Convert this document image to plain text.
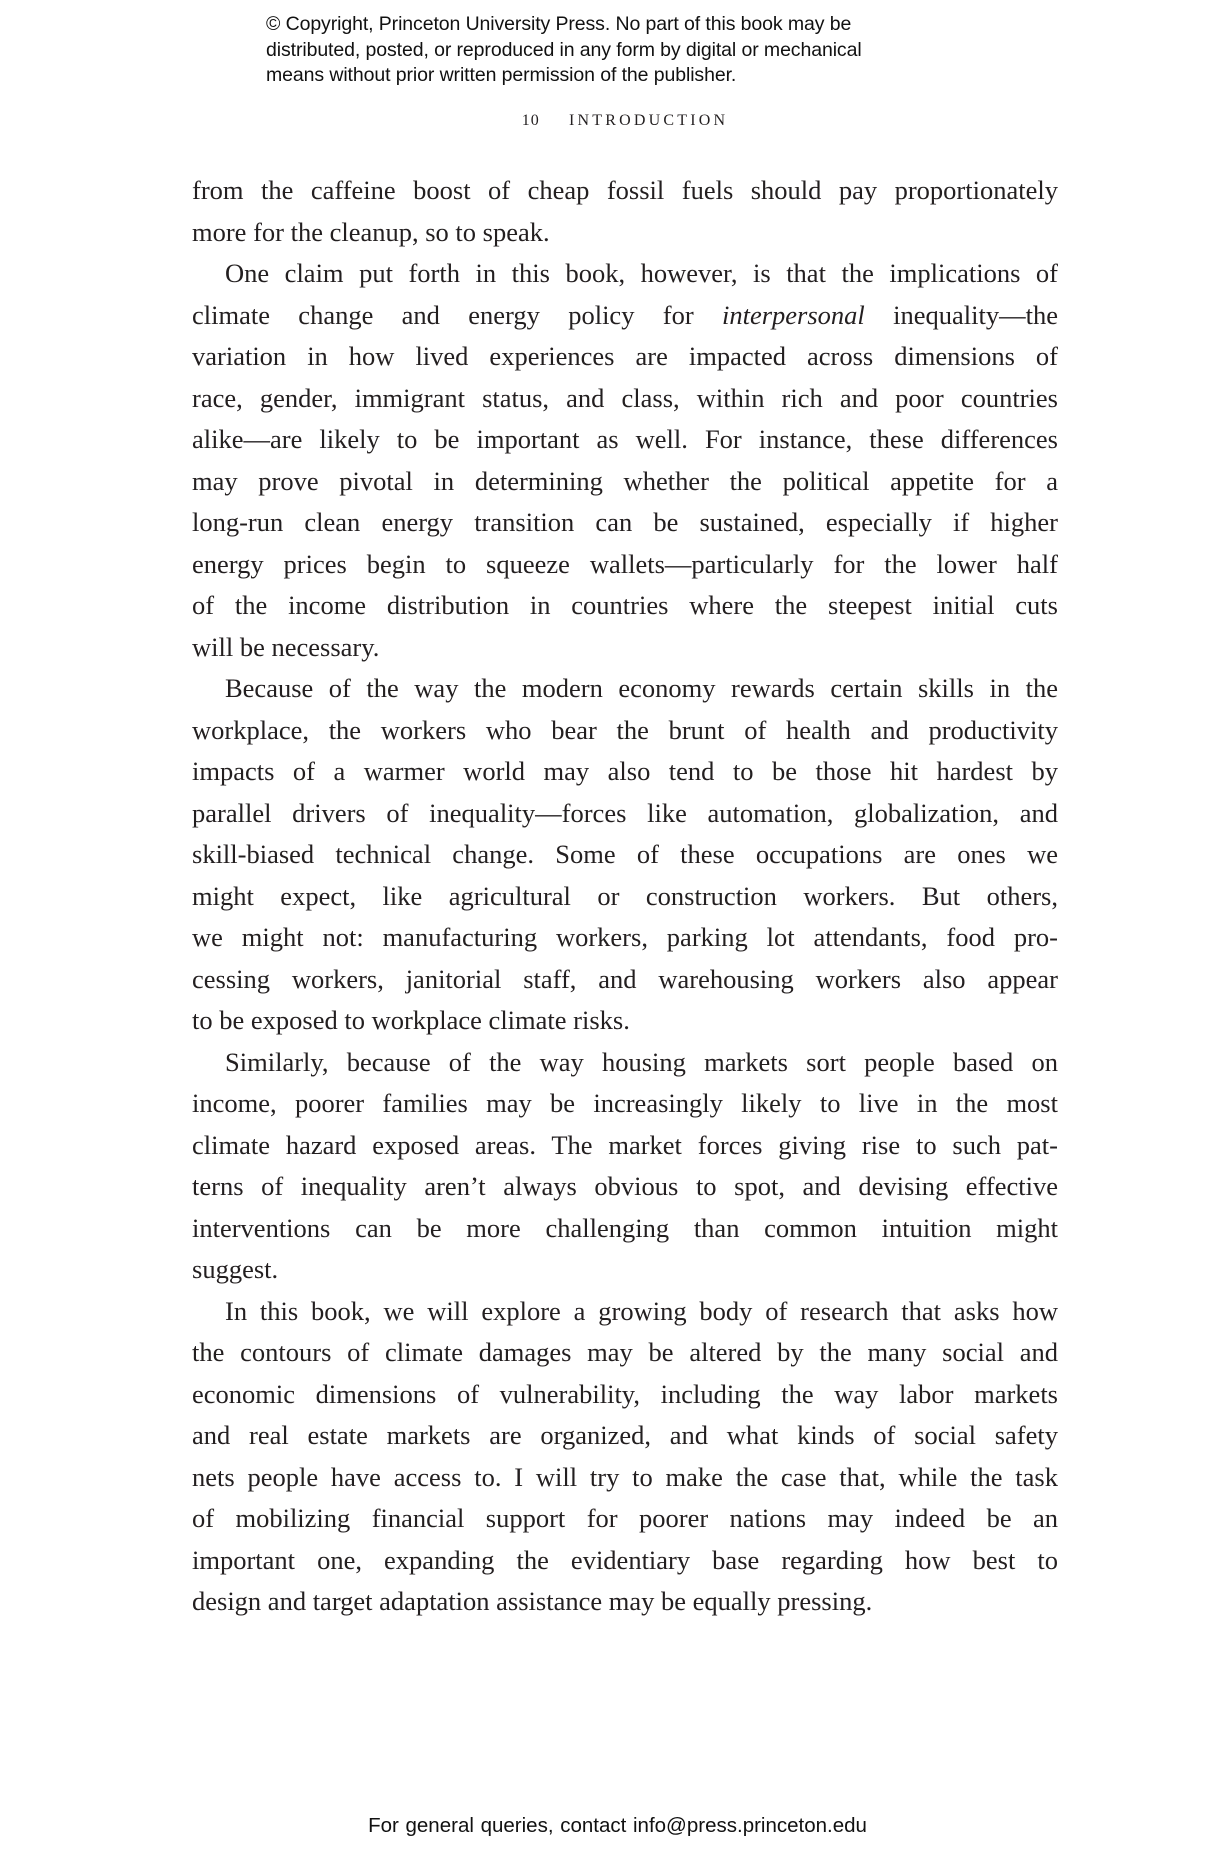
© Copyright, Princeton University Press. No part of this book may be
distributed, posted, or reproduced in any form by digital or mechanical
means without prior written permission of the publisher.
10 INTRODUCTION
from the caffeine boost of cheap fossil fuels should pay proportionately
more for the cleanup, so to speak.
One claim put forth in this book, however, is that the implications of
climate change and energy policy for interpersonal inequality—the
variation in how lived experiences are impacted across dimensions of
race, gender, immigrant status, and class, within rich and poor countries
alike—are likely to be important as well. For instance, these differences
may prove pivotal in determining whether the political appetite for a
long-run clean energy transition can be sustained, especially if higher
energy prices begin to squeeze wallets—particularly for the lower half
of the income distribution in countries where the steepest initial cuts
will be necessary.
Because of the way the modern economy rewards certain skills in the
workplace, the workers who bear the brunt of health and productivity
impacts of a warmer world may also tend to be those hit hardest by
parallel drivers of inequality—forces like automation, globalization, and
skill-biased technical change. Some of these occupations are ones we
might expect, like agricultural or construction workers. But others,
we might not: manufacturing workers, parking lot attendants, food pro-
cessing workers, janitorial staff, and warehousing workers also appear
to be exposed to workplace climate risks.
Similarly, because of the way housing markets sort people based on
income, poorer families may be increasingly likely to live in the most
climate hazard exposed areas. The market forces giving rise to such pat-
terns of inequality aren’t always obvious to spot, and devising effective
interventions can be more challenging than common intuition might
suggest.
In this book, we will explore a growing body of research that asks how
the contours of climate damages may be altered by the many social and
economic dimensions of vulnerability, including the way labor markets
and real estate markets are organized, and what kinds of social safety
nets people have access to. I will try to make the case that, while the task
of mobilizing financial support for poorer nations may indeed be an
important one, expanding the evidentiary base regarding how best to
design and target adaptation assistance may be equally pressing.
For general queries, contact info@press.princeton.edu
